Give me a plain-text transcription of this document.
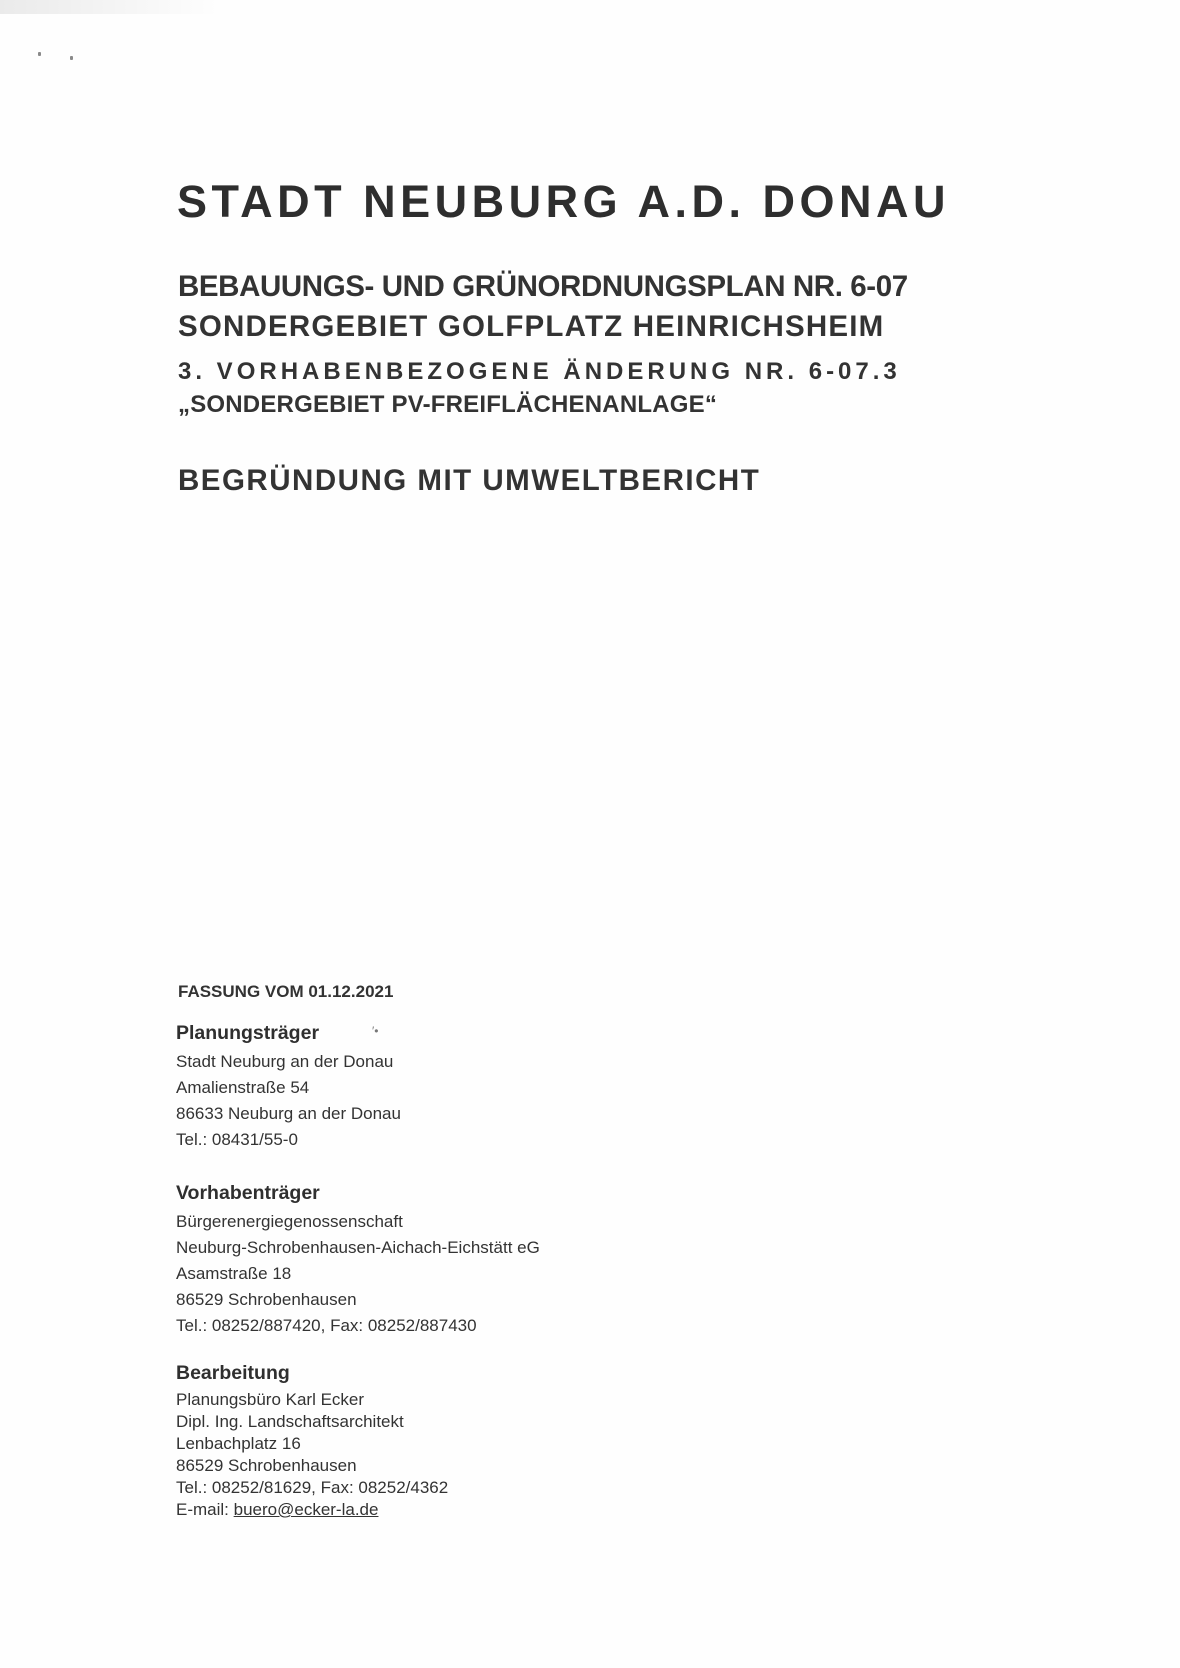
STADT NEUBURG A.D. DONAU
BEBAUUNGS- UND GRÜNORDNUNGSPLAN NR. 6-07
SONDERGEBIET GOLFPLATZ HEINRICHSHEIM
3. VORHABENBEZOGENE ÄNDERUNG NR. 6-07.3
„SONDERGEBIET PV-FREIFLÄCHENANLAGE“
BEGRÜNDUNG MIT UMWELTBERICHT
FASSUNG VOM 01.12.2021
Planungsträger
Stadt Neuburg an der Donau
Amalienstraße 54
86633 Neuburg an der Donau
Tel.: 08431/55-0
′•
Vorhabenträger
Bürgerenergiegenossenschaft
Neuburg-Schrobenhausen-Aichach-Eichstätt eG
Asamstraße 18
86529 Schrobenhausen
Tel.: 08252/887420, Fax: 08252/887430
Bearbeitung
Planungsbüro Karl Ecker
Dipl. Ing. Landschaftsarchitekt
Lenbachplatz 16
86529 Schrobenhausen
Tel.: 08252/81629, Fax: 08252/4362
E-mail: buero@ecker-la.de
